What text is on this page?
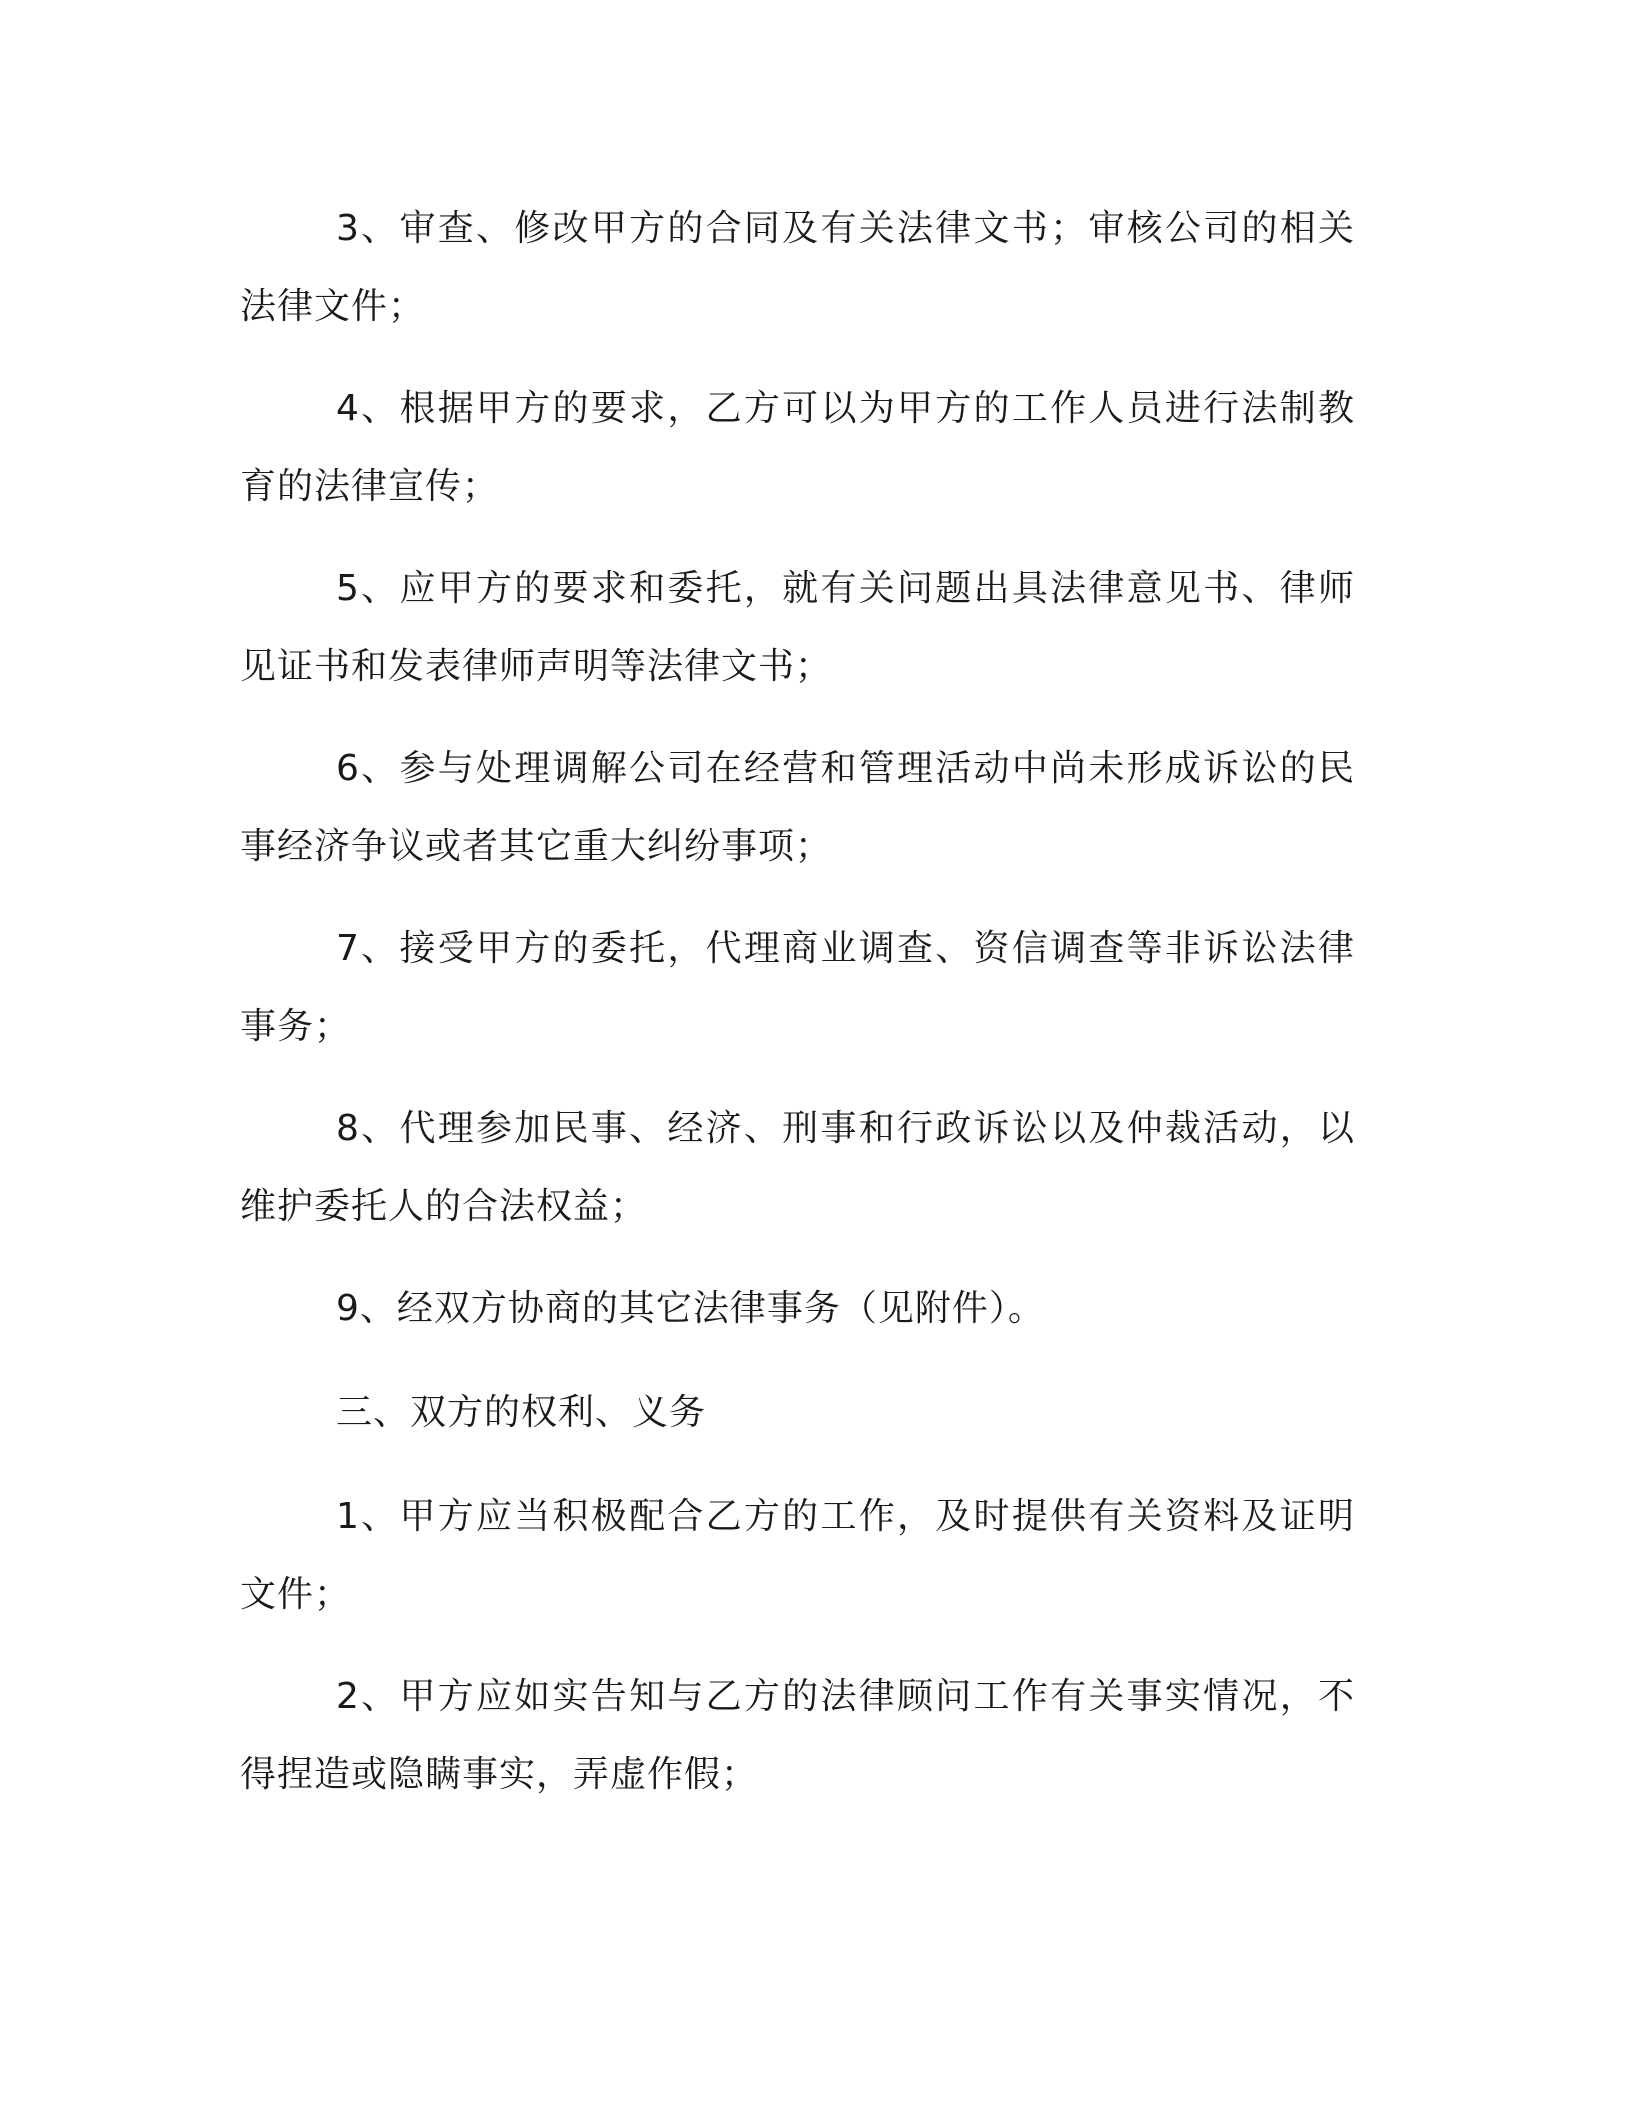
3、审查、修改甲方的合同及有关法律文书；审核公司的相关法律文件；

4、根据甲方的要求，乙方可以为甲方的工作人员进行法制教育的法律宣传；

5、应甲方的要求和委托，就有关问题出具法律意见书、律师见证书和发表律师声明等法律文书；

6、参与处理调解公司在经营和管理活动中尚未形成诉讼的民事经济争议或者其它重大纠纷事项；

7、接受甲方的委托，代理商业调查、资信调查等非诉讼法律事务；

8、代理参加民事、经济、刑事和行政诉讼以及仲裁活动，以维护委托人的合法权益；

9、经双方协商的其它法律事务（见附件）。

三、双方的权利、义务

1、甲方应当积极配合乙方的工作，及时提供有关资料及证明文件；

2、甲方应如实告知与乙方的法律顾问工作有关事实情况，不得捏造或隐瞒事实，弄虚作假；
